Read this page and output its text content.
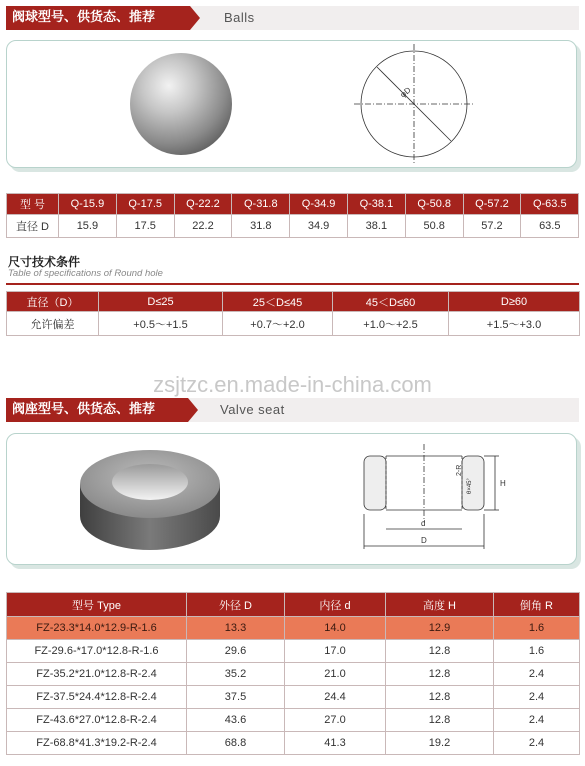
阀球型号、供货态、推荐	Balls
φD
型 号	Q-15.9	Q-17.5	Q-22.2	Q-31.8	Q-34.9	Q-38.1	Q-50.8	Q-57.2	Q-63.5
直径 D	15.9	17.5	22.2	31.8	34.9	38.1	50.8	57.2	63.5
尺寸技术条件
Table of specifications of Round hole
直径（D）	D≤25	25＜D≤45	45＜D≤60	D≥60
允许偏差	+0.5～+1.5	+0.7～+2.0	+1.0～+2.5	+1.5～+3.0
zsjtzc.en.made-in-china.com
阀座型号、供货态、推荐	Valve seat
2-R
θ×45°	H
d
D
型号 Type	外径 D	内径 d	高度 H	倒角 R
FZ-23.3*14.0*12.9-R-1.6	13.3	14.0	12.9	1.6
FZ-29.6-*17.0*12.8-R-1.6	29.6	17.0	12.8	1.6
FZ-35.2*21.0*12.8-R-2.4	35.2	21.0	12.8	2.4
FZ-37.5*24.4*12.8-R-2.4	37.5	24.4	12.8	2.4
FZ-43.6*27.0*12.8-R-2.4	43.6	27.0	12.8	2.4
FZ-68.8*41.3*19.2-R-2.4	68.8	41.3	19.2	2.4
